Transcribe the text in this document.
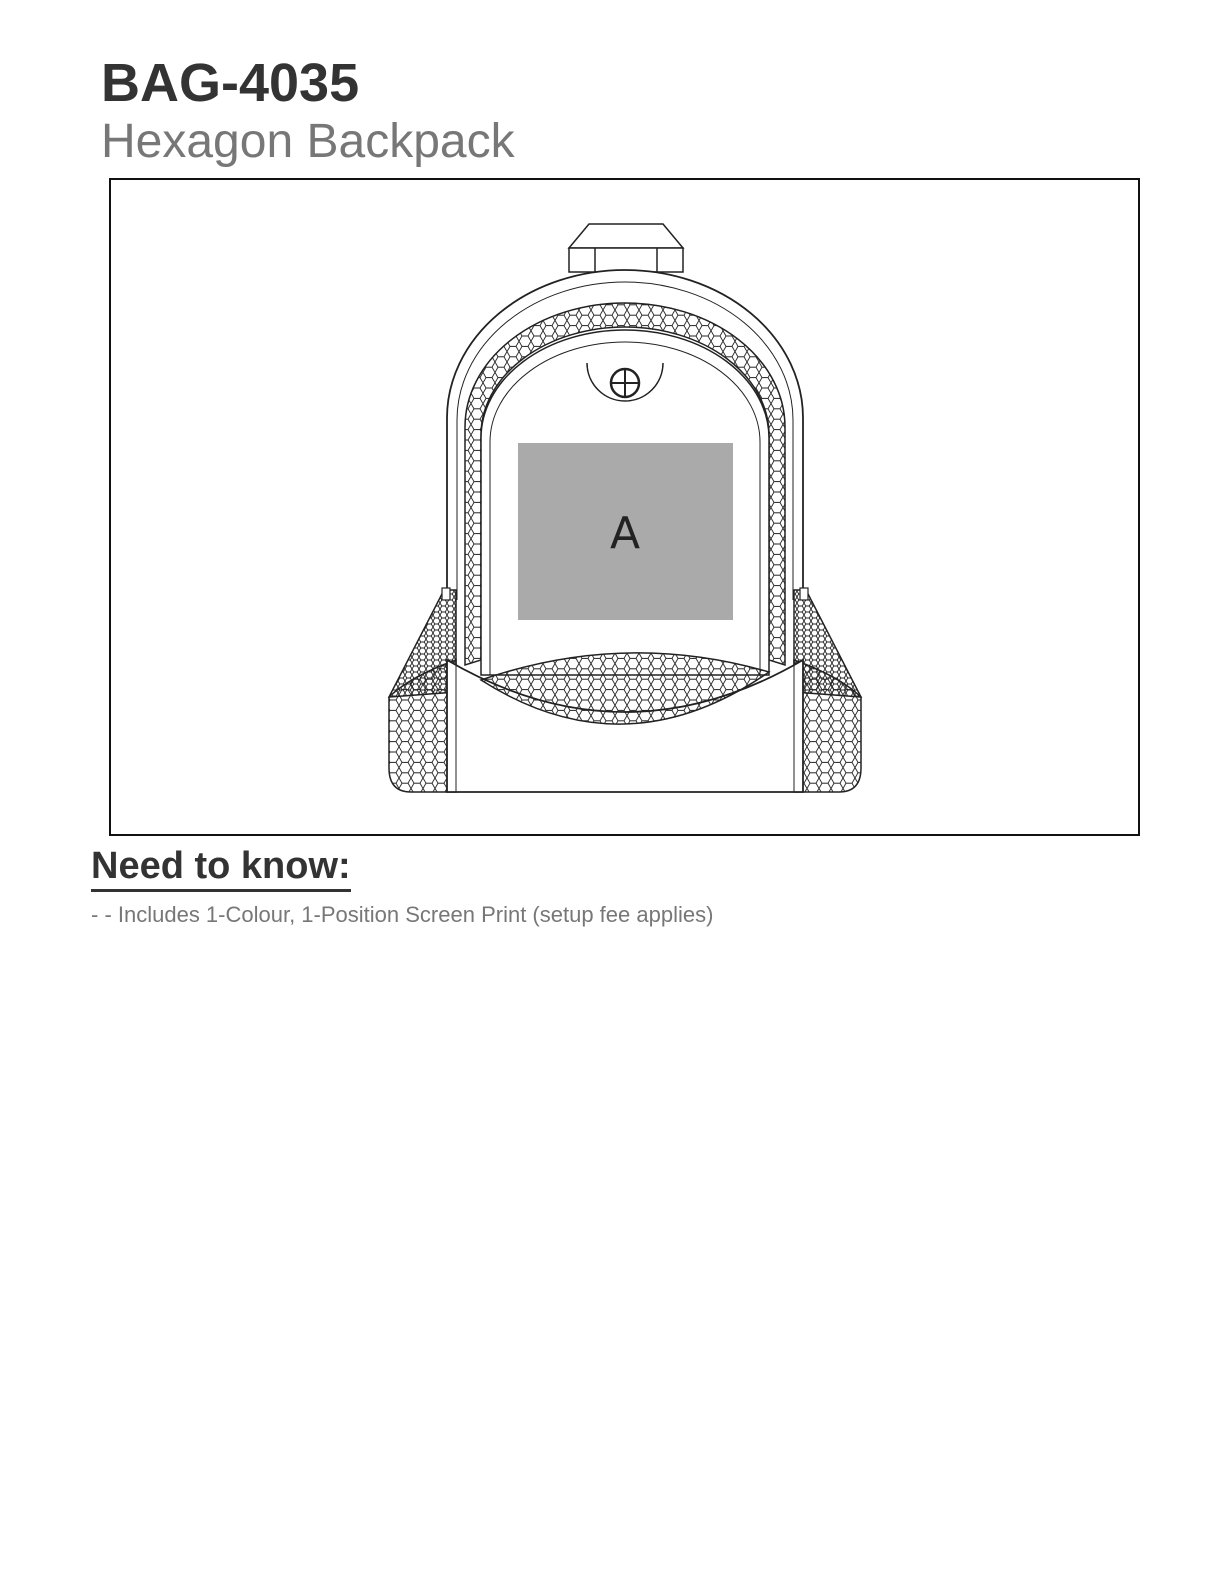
BAG-4035
Hexagon Backpack
A
Need to know:
- - Includes 1-Colour, 1-Position Screen Print (setup fee applies)
